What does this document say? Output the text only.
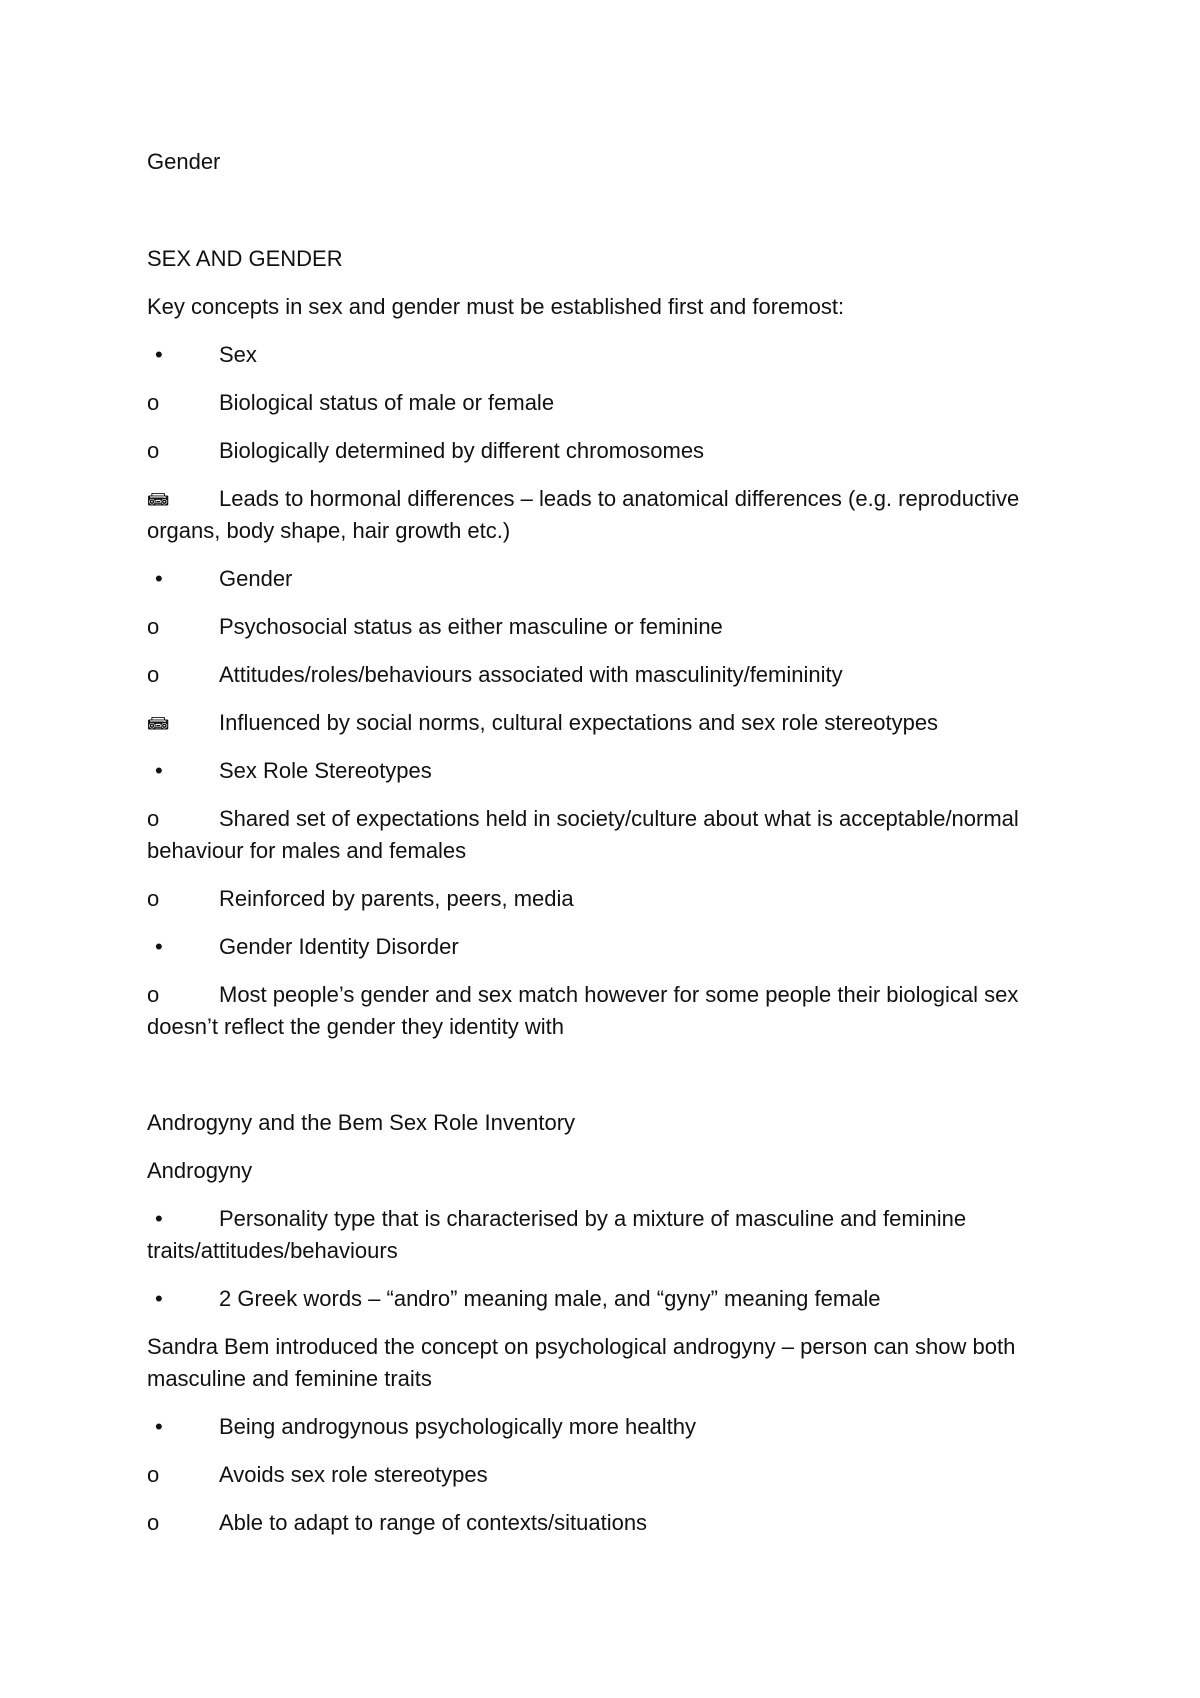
Gender
SEX AND GENDER
Key concepts in sex and gender must be established first and foremost:
•	Sex
o	Biological status of male or female
o	Biologically determined by different chromosomes
📾 Leads to hormonal differences – leads to anatomical differences (e.g. reproductive
organs, body shape, hair growth etc.)
•	Gender
o	Psychosocial status as either masculine or feminine
o	Attitudes/roles/behaviours associated with masculinity/femininity
📾 Influenced by social norms, cultural expectations and sex role stereotypes
•	Sex Role Stereotypes
o	Shared set of expectations held in society/culture about what is acceptable/normal
behaviour for males and females
o	Reinforced by parents, peers, media
•	Gender Identity Disorder
o	Most people’s gender and sex match however for some people their biological sex
doesn’t reflect the gender they identity with
Androgyny and the Bem Sex Role Inventory
Androgyny
•	Personality type that is characterised by a mixture of masculine and feminine
traits/attitudes/behaviours
•	2 Greek words – “andro” meaning male, and “gyny” meaning female
Sandra Bem introduced the concept on psychological androgyny – person can show both
masculine and feminine traits
•	Being androgynous psychologically more healthy
o	Avoids sex role stereotypes
o	Able to adapt to range of contexts/situations
